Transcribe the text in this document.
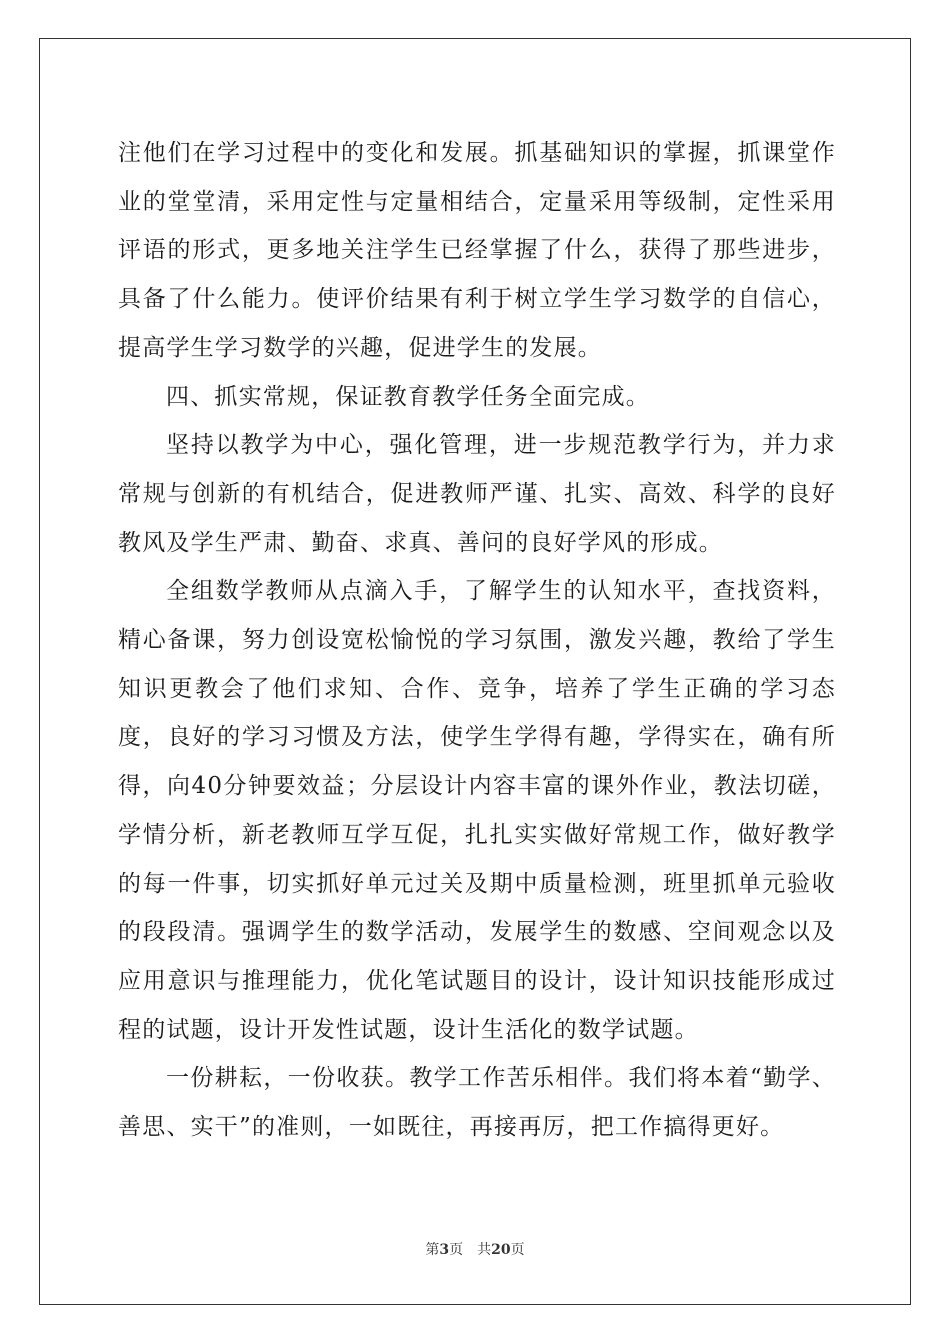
注他们在学习过程中的变化和发展。抓基础知识的掌握，抓课堂作业的堂堂清，采用定性与定量相结合，定量采用等级制，定性采用评语的形式，更多地关注学生已经掌握了什么，获得了那些进步，具备了什么能力。使评价结果有利于树立学生学习数学的自信心，提高学生学习数学的兴趣，促进学生的发展。

四、抓实常规，保证教育教学任务全面完成。

坚持以教学为中心，强化管理，进一步规范教学行为，并力求常规与创新的有机结合，促进教师严谨、扎实、高效、科学的良好教风及学生严肃、勤奋、求真、善问的良好学风的形成。

全组数学教师从点滴入手，了解学生的认知水平，查找资料，精心备课，努力创设宽松愉悦的学习氛围，激发兴趣，教给了学生知识更教会了他们求知、合作、竞争，培养了学生正确的学习态度，良好的学习习惯及方法，使学生学得有趣，学得实在，确有所得，向40分钟要效益；分层设计内容丰富的课外作业，教法切磋，学情分析，新老教师互学互促，扎扎实实做好常规工作，做好教学的每一件事，切实抓好单元过关及期中质量检测，班里抓单元验收的段段清。强调学生的数学活动，发展学生的数感、空间观念以及应用意识与推理能力，优化笔试题目的设计，设计知识技能形成过程的试题，设计开发性试题，设计生活化的数学试题。

一份耕耘，一份收获。教学工作苦乐相伴。我们将本着“勤学、善思、实干”的准则，一如既往，再接再厉，把工作搞得更好。

第3页 共20页
